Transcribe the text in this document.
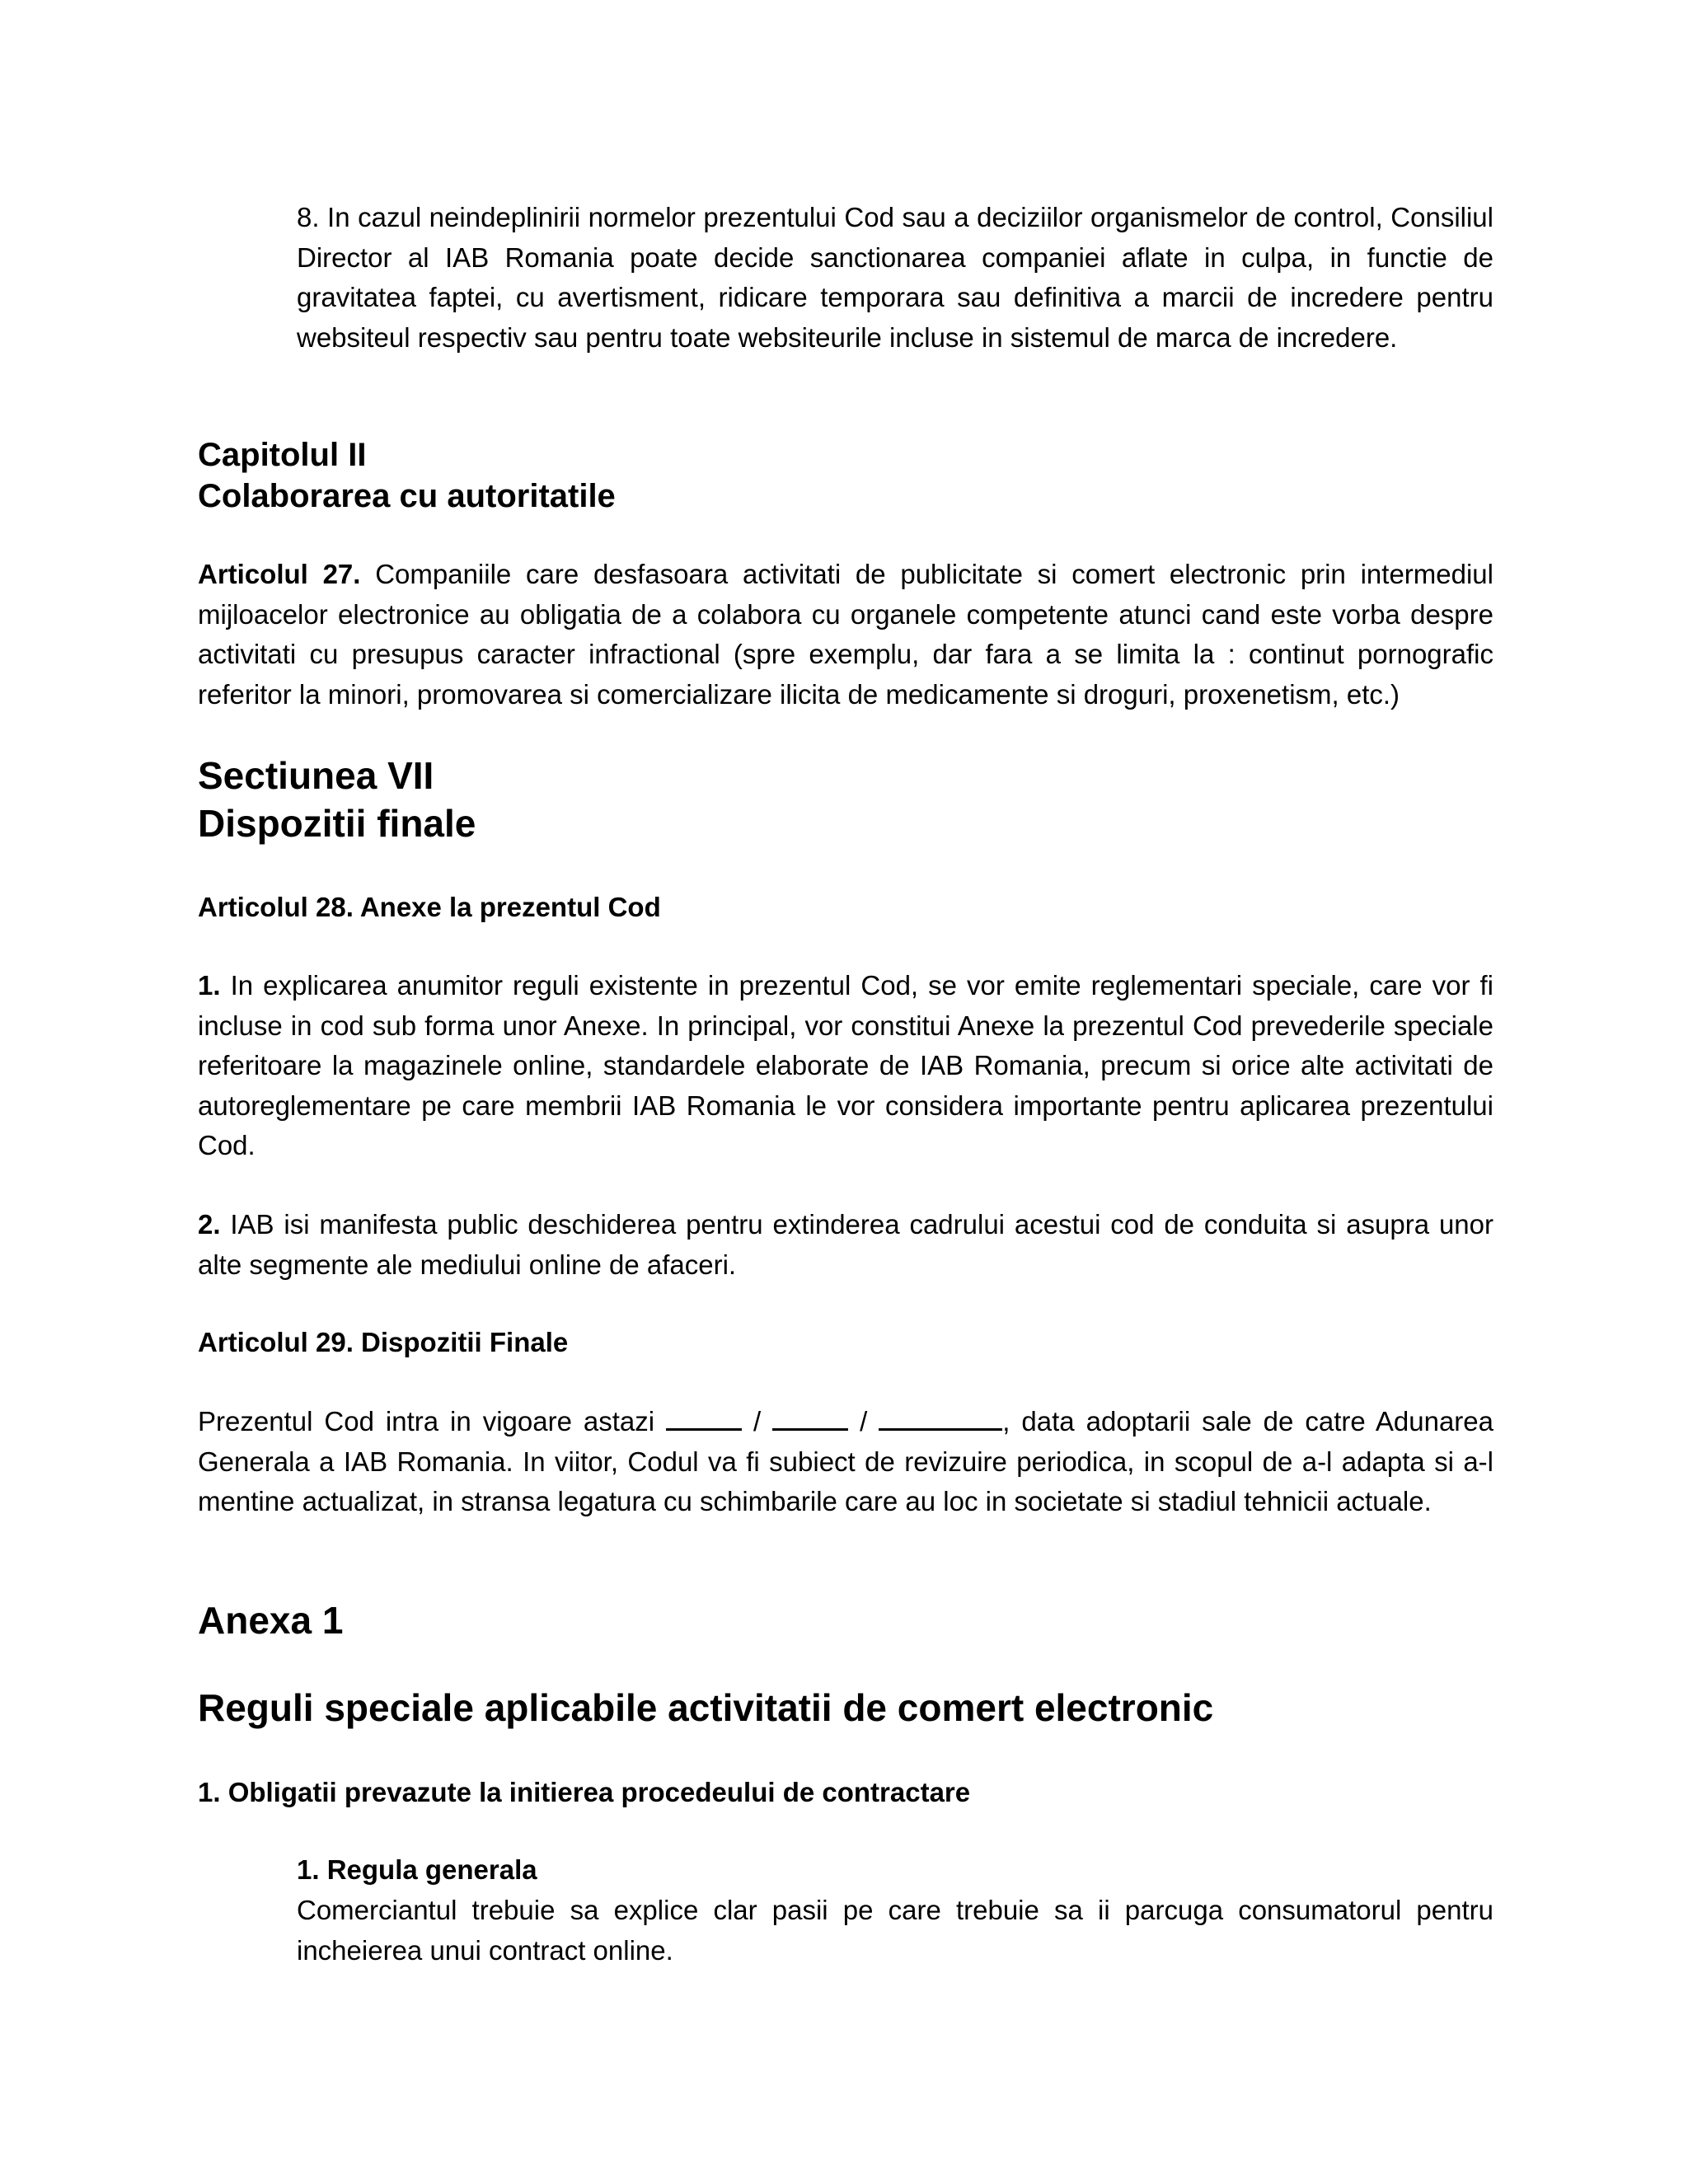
8. In cazul neindeplinirii normelor prezentului Cod sau a deciziilor organismelor de control, Consiliul Director al IAB Romania poate decide sanctionarea companiei aflate in culpa, in functie de gravitatea faptei, cu avertisment, ridicare temporara sau definitiva a marcii de incredere pentru websiteul respectiv sau pentru toate websiteurile incluse in sistemul de marca de incredere.

Capitolul II
Colaborarea cu autoritatile

Articolul 27. Companiile care desfasoara activitati de publicitate si comert electronic prin intermediul mijloacelor electronice au obligatia de a colabora cu organele competente atunci cand este vorba despre activitati cu presupus caracter infractional (spre exemplu, dar fara a se limita la : continut pornografic referitor la minori, promovarea si comercializare ilicita de medicamente si droguri, proxenetism, etc.)

Sectiunea VII
Dispozitii finale
Articolul 28. Anexe la prezentul Cod

1. In explicarea anumitor reguli existente in prezentul Cod, se vor emite reglementari speciale, care vor fi incluse in cod sub forma unor Anexe. In principal, vor constitui Anexe la prezentul Cod prevederile speciale referitoare la magazinele online, standardele elaborate de IAB Romania, precum si orice alte activitati de autoreglementare pe care membrii IAB Romania le vor considera importante pentru aplicarea prezentului Cod.

2. IAB isi manifesta public deschiderea pentru extinderea cadrului acestui cod de conduita si asupra unor alte segmente ale mediului online de afaceri.

Articolul 29. Dispozitii Finale

Prezentul Cod intra in vigoare astazi	/	/	, data adoptarii sale de catre Adunarea Generala a IAB Romania. In viitor, Codul va fi subiect de revizuire periodica, in scopul de a-l adapta si a-l mentine actualizat, in stransa legatura cu schimbarile care au loc in societate si stadiul tehnicii actuale.

Anexa 1
Reguli speciale aplicabile activitatii de comert electronic
1. Obligatii prevazute la initierea procedeului de contractare
1. Regula generala

Comerciantul trebuie sa explice clar pasii pe care trebuie sa ii parcuga consumatorul pentru incheierea unui contract online.
